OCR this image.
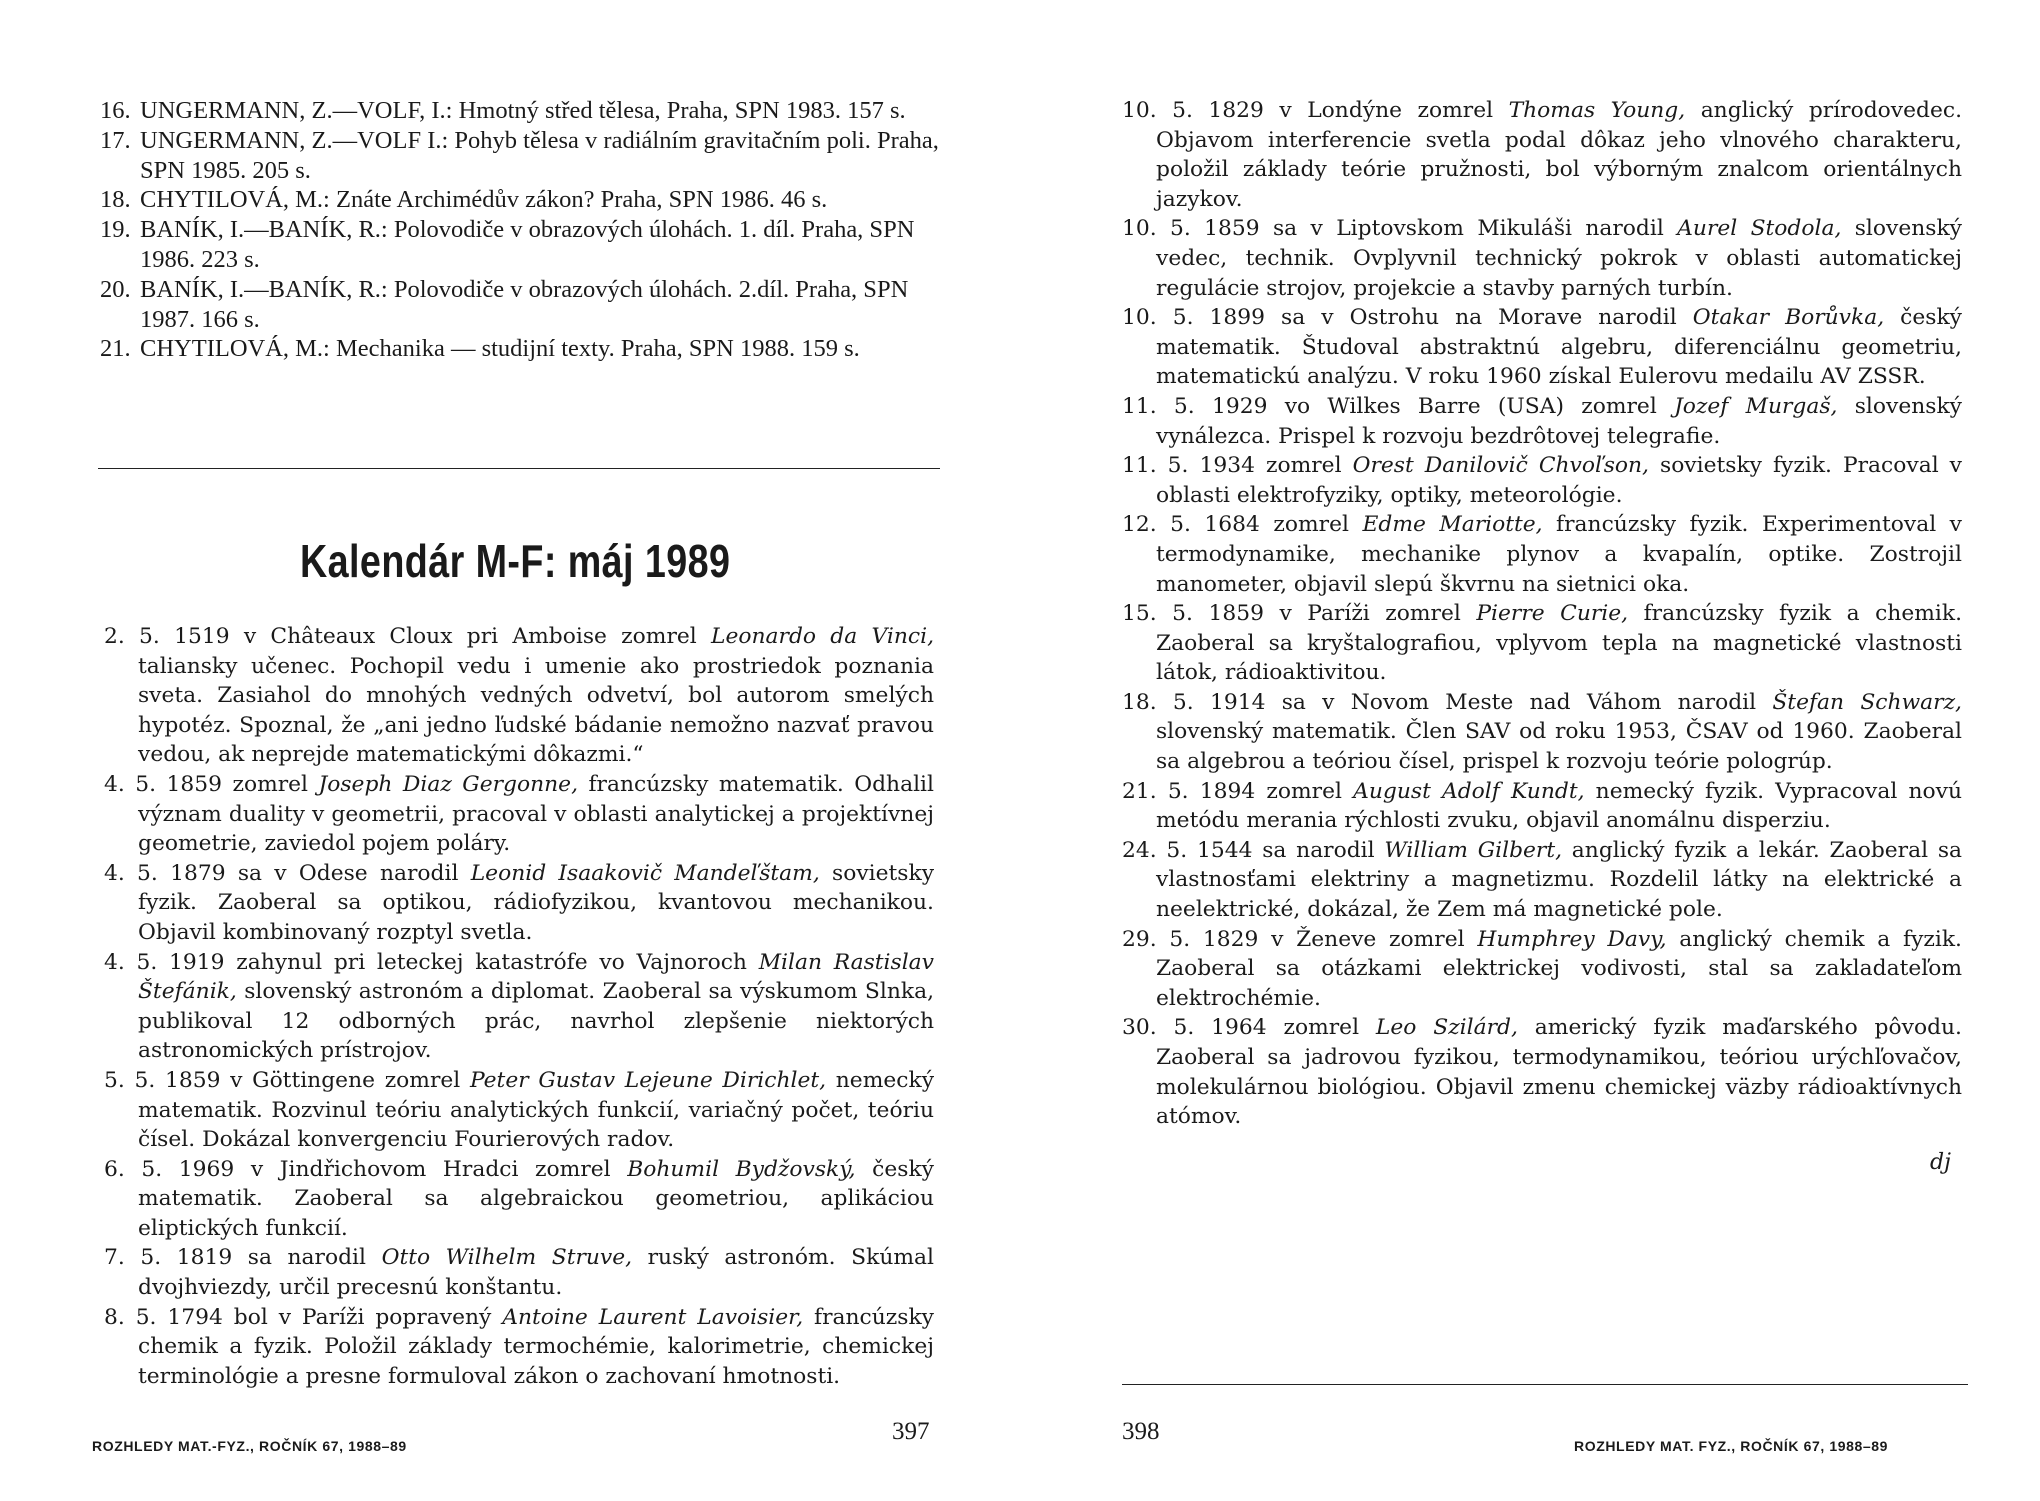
16. UNGERMANN, Z.—VOLF, I.: Hmotný střed tělesa, Praha, SPN 1983. 157 s.
17. UNGERMANN, Z.—VOLF I.: Pohyb tělesa v radiálním gravitačním poli. Praha, SPN 1985. 205 s.
18. CHYTILOVÁ, M.: Znáte Archimédův zákon? Praha, SPN 1986. 46 s.
19. BANÍK, I.—BANÍK, R.: Polovodiče v obrazových úlohách. 1. díl. Praha, SPN 1986. 223 s.
20. BANÍK, I.—BANÍK, R.: Polovodiče v obrazových úlohách. 2.díl. Praha, SPN 1987. 166 s.
21. CHYTILOVÁ, M.: Mechanika — studijní texty. Praha, SPN 1988. 159 s.
Kalendár M-F: máj 1989

2. 5. 1519 v Châteaux Cloux pri Amboise zomrel Leonardo da Vinci, taliansky učenec. Pochopil vedu i umenie ako prostriedok poznania sveta. Zasiahol do mnohých vedných odvetví, bol autorom smelých hypotéz. Spoznal, že „ani jedno ľudské bádanie nemožno nazvať pravou vedou, ak neprejde matematickými dôkazmi.“

4. 5. 1859 zomrel Joseph Diaz Gergonne, francúzsky matematik. Odhalil význam duality v geometrii, pracoval v oblasti analytickej a projektívnej geometrie, zaviedol pojem poláry.

4. 5. 1879 sa v Odese narodil Leonid Isaakovič Mandeľštam, sovietsky fyzik. Zaoberal sa optikou, rádiofyzikou, kvantovou mechanikou. Objavil kombinovaný rozptyl svetla.

4. 5. 1919 zahynul pri leteckej katastrófe vo Vajnoroch Milan Rastislav Štefánik, slovenský astronóm a diplomat. Zaoberal sa výskumom Slnka, publikoval 12 odborných prác, navrhol zlepšenie niektorých astronomických prístrojov.

5. 5. 1859 v Göttingene zomrel Peter Gustav Lejeune Dirichlet, nemecký matematik. Rozvinul teóriu analytických funkcií, variačný počet, teóriu čísel. Dokázal konvergenciu Fourierových radov.

6. 5. 1969 v Jindřichovom Hradci zomrel Bohumil Bydžovský, český matematik. Zaoberal sa algebraickou geometriou, aplikáciou eliptických funkcií.

7. 5. 1819 sa narodil Otto Wilhelm Struve, ruský astronóm. Skúmal dvojhviezdy, určil precesnú konštantu.

8. 5. 1794 bol v Paríži popravený Antoine Laurent Lavoisier, francúzsky chemik a fyzik. Položil základy termochémie, kalorimetrie, chemickej terminológie a presne formuloval zákon o zachovaní hmotnosti.

ROZHLEDY MAT.-FYZ., ROČNÍK 67, 1988–89
397

10. 5. 1829 v Londýne zomrel Thomas Young, anglický prírodovedec. Objavom interferencie svetla podal dôkaz jeho vlnového charakteru, položil základy teórie pružnosti, bol výborným znalcom orientálnych jazykov.

10. 5. 1859 sa v Liptovskom Mikuláši narodil Aurel Stodola, slovenský vedec, technik. Ovplyvnil technický pokrok v oblasti automatickej regulácie strojov, projekcie a stavby parných turbín.

10. 5. 1899 sa v Ostrohu na Morave narodil Otakar Borůvka, český matematik. Študoval abstraktnú algebru, diferenciálnu geometriu, matematickú analýzu. V roku 1960 získal Eulerovu medailu AV ZSSR.

11. 5. 1929 vo Wilkes Barre (USA) zomrel Jozef Murgaš, slovenský vynálezca. Prispel k rozvoju bezdrôtovej telegrafie.

11. 5. 1934 zomrel Orest Danilovič Chvoľson, sovietsky fyzik. Pracoval v oblasti elektrofyziky, optiky, meteorológie.

12. 5. 1684 zomrel Edme Mariotte, francúzsky fyzik. Experimentoval v termodynamike, mechanike plynov a kvapalín, optike. Zostrojil manometer, objavil slepú škvrnu na sietnici oka.

15. 5. 1859 v Paríži zomrel Pierre Curie, francúzsky fyzik a chemik. Zaoberal sa kryštalografiou, vplyvom tepla na magnetické vlastnosti látok, rádioaktivitou.

18. 5. 1914 sa v Novom Meste nad Váhom narodil Štefan Schwarz, slovenský matematik. Člen SAV od roku 1953, ČSAV od 1960. Zaoberal sa algebrou a teóriou čísel, prispel k rozvoju teórie pologrúp.

21. 5. 1894 zomrel August Adolf Kundt, nemecký fyzik. Vypracoval novú metódu merania rýchlosti zvuku, objavil anomálnu disperziu.

24. 5. 1544 sa narodil William Gilbert, anglický fyzik a lekár. Zaoberal sa vlastnosťami elektriny a magnetizmu. Rozdelil látky na elektrické a neelektrické, dokázal, že Zem má magnetické pole.

29. 5. 1829 v Ženeve zomrel Humphrey Davy, anglický chemik a fyzik. Zaoberal sa otázkami elektrickej vodivosti, stal sa zakladateľom elektrochémie.

30. 5. 1964 zomrel Leo Szilárd, americký fyzik maďarského pôvodu. Zaoberal sa jadrovou fyzikou, termodynamikou, teóriou urýchľovačov, molekulárnou biológiou. Objavil zmenu chemickej väzby rádioaktívnych atómov.

dj
398
ROZHLEDY MAT. FYZ., ROČNÍK 67, 1988–89
